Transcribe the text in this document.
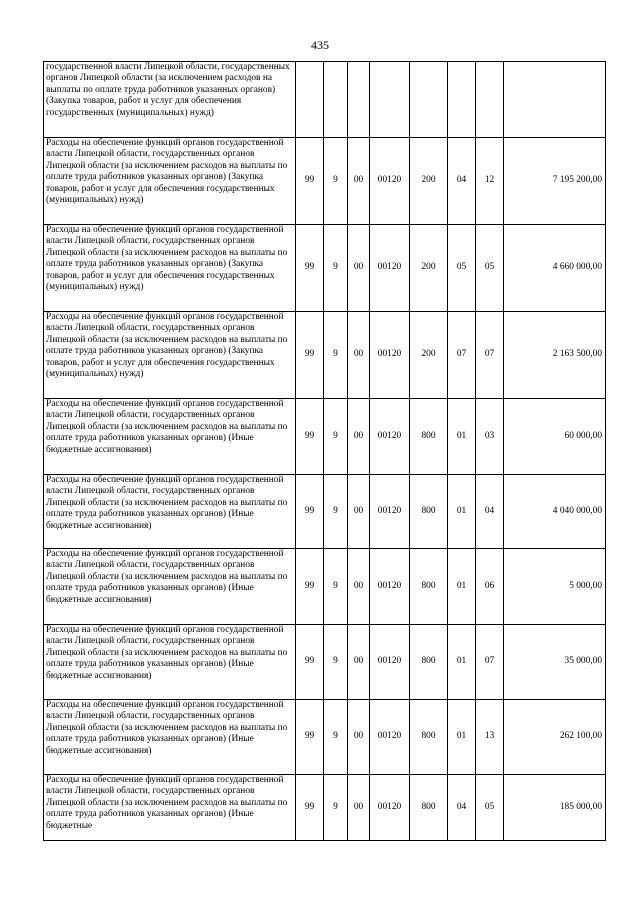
435
государственной власти Липецкой области, государственных органов Липецкой области (за исключением расходов на выплаты по оплате труда работников указанных органов) (Закупка товаров, работ и услуг для обеспечения государственных (муниципальных) нужд)								
Расходы на обеспечение функций органов государственной власти Липецкой области, государственных органов Липецкой области (за исключением расходов на выплаты по оплате труда работников указанных органов) (Закупка товаров, работ и услуг для обеспечения государственных (муниципальных) нужд)	99	9	00	00120	200	04	12	7 195 200,00
Расходы на обеспечение функций органов государственной власти Липецкой области, государственных органов Липецкой области (за исключением расходов на выплаты по оплате труда работников указанных органов) (Закупка товаров, работ и услуг для обеспечения государственных (муниципальных) нужд)	99	9	00	00120	200	05	05	4 660 000,00
Расходы на обеспечение функций органов государственной власти Липецкой области, государственных органов Липецкой области (за исключением расходов на выплаты по оплате труда работников указанных органов) (Закупка товаров, работ и услуг для обеспечения государственных (муниципальных) нужд)	99	9	00	00120	200	07	07	2 163 500,00
Расходы на обеспечение функций органов государственной власти Липецкой области, государственных органов Липецкой области (за исключением расходов на выплаты по оплате труда работников указанных органов) (Иные бюджетные ассигнования)	99	9	00	00120	800	01	03	60 000,00
Расходы на обеспечение функций органов государственной власти Липецкой области, государственных органов Липецкой области (за исключением расходов на выплаты по оплате труда работников указанных органов) (Иные бюджетные ассигнования)	99	9	00	00120	800	01	04	4 040 000,00
Расходы на обеспечение функций органов государственной власти Липецкой области, государственных органов Липецкой области (за исключением расходов на выплаты по оплате труда работников указанных органов) (Иные бюджетные ассигнования)	99	9	00	00120	800	01	06	5 000,00
Расходы на обеспечение функций органов государственной власти Липецкой области, государственных органов Липецкой области (за исключением расходов на выплаты по оплате труда работников указанных органов) (Иные бюджетные ассигнования)	99	9	00	00120	800	01	07	35 000,00
Расходы на обеспечение функций органов государственной власти Липецкой области, государственных органов Липецкой области (за исключением расходов на выплаты по оплате труда работников указанных органов) (Иные бюджетные ассигнования)	99	9	00	00120	800	01	13	262 100,00
Расходы на обеспечение функций органов государственной власти Липецкой области, государственных органов Липецкой области (за исключением расходов на выплаты по оплате труда работников указанных органов) (Иные бюджетные	99	9	00	00120	800	04	05	185 000,00
